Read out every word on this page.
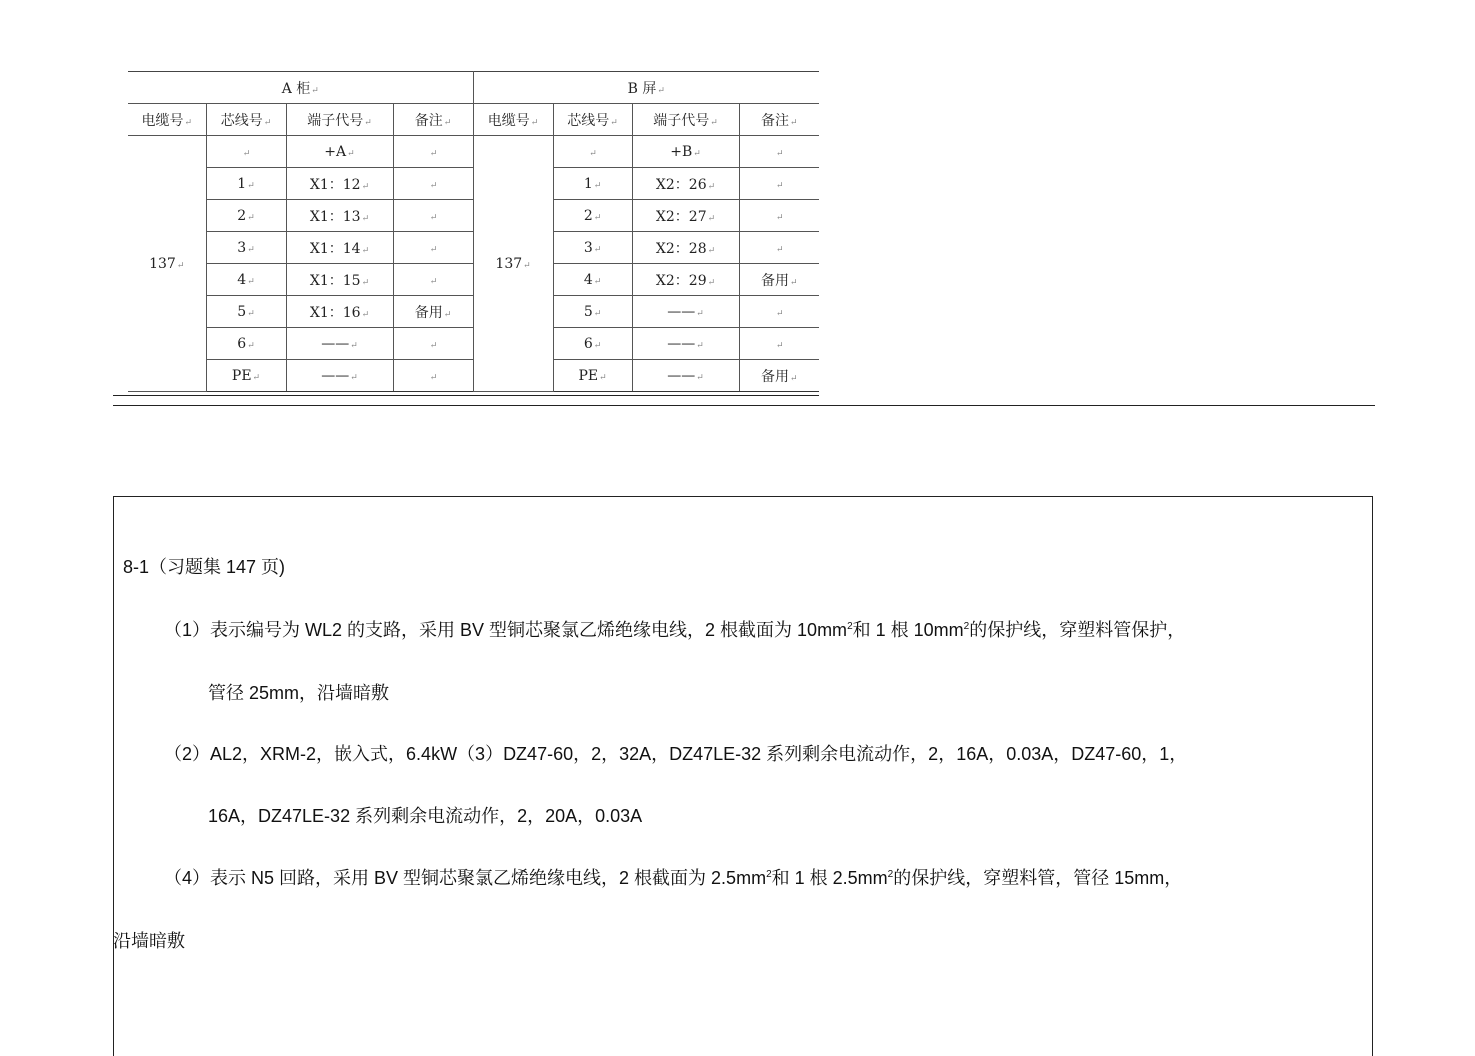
A 柜 ↵				B 屏 ↵
电缆号 ↵	芯线号 ↵	端子代号 ↵	备注 ↵	电缆号 ↵	芯线号 ↵	端子代号 ↵	备注 ↵
137 ↵	↵	+A ↵	↵	137 ↵	↵	+B ↵	↵
	1 ↵	X1：12 ↵	↵		1 ↵	X2：26 ↵	↵
	2 ↵	X1：13 ↵	↵		2 ↵	X2：27 ↵	↵
	3 ↵	X1：14 ↵	↵		3 ↵	X2：28 ↵	↵
	4 ↵	X1：15 ↵	↵		4 ↵	X2：29 ↵	备用 ↵
	5 ↵	X1：16 ↵	备用 ↵		5 ↵	—— ↵	↵
	6 ↵	—— ↵	↵		6 ↵	—— ↵	↵
	PE ↵	—— ↵	↵		PE ↵	—— ↵	备用 ↵
8-1（习题集 147 页)
（1）表示编号为 WL2 的支路，采用 BV 型铜芯聚氯乙烯绝缘电线，2 根截面为 $10mm^2$和 1 根 $10mm^2$的保护线，穿塑料管保护，
管径 25mm，沿墙暗敷
（2）AL2，XRM-2，嵌入式，6.4kW（3）DZ47-60，2，32A，DZ47LE-32 系列剩余电流动作，2，16A，0.03A，DZ47-60，1，
16A，DZ47LE-32 系列剩余电流动作，2，20A，0.03A
（4）表示 N5 回路，采用 BV 型铜芯聚氯乙烯绝缘电线，2 根截面为 $2.5mm^2$和 1 根 $2.5mm^2$的保护线，穿塑料管，管径 15mm，
沿墙暗敷
